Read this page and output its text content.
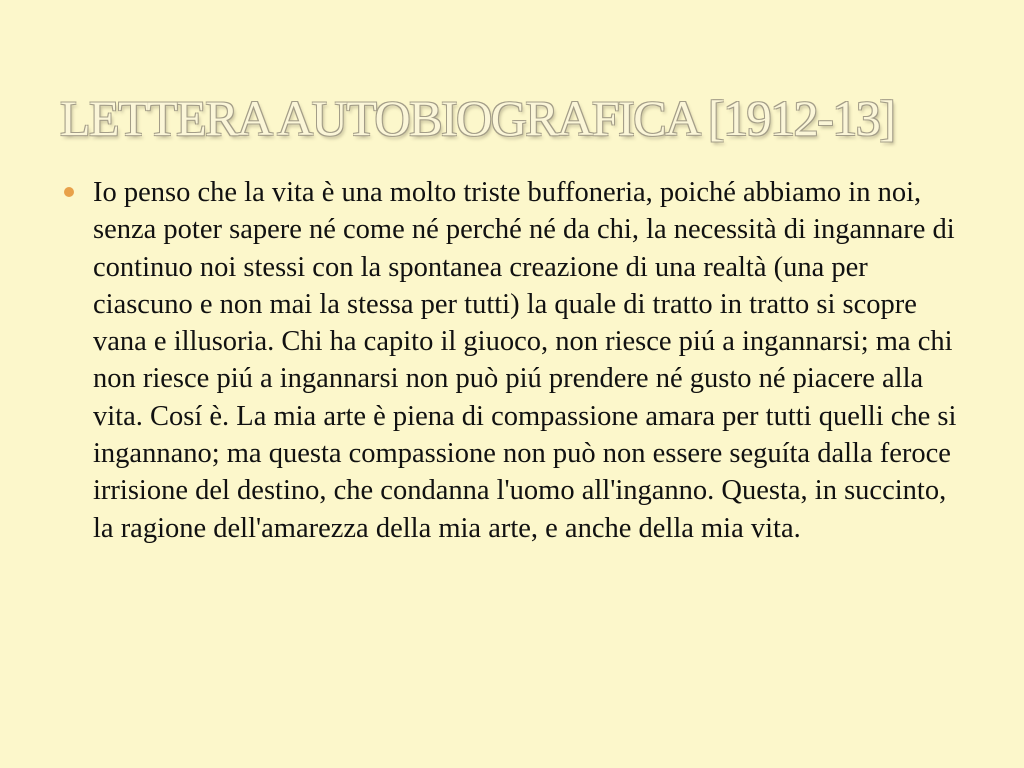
LETTERA AUTOBIOGRAFICA [1912-13]

Io penso che la vita è una molto triste buffoneria, poiché abbiamo in noi, senza poter sapere né come né perché né da chi, la necessità di ingannare di continuo noi stessi con la spontanea creazione di una realtà (una per ciascuno e non mai la stessa per tutti) la quale di tratto in tratto si scopre vana e illusoria. Chi ha capito il giuoco, non riesce piú a ingannarsi; ma chi non riesce piú a ingannarsi non può piú prendere né gusto né piacere alla vita. Cosí è. La mia arte è piena di compassione amara per tutti quelli che si ingannano; ma questa compassione non può non essere seguíta dalla feroce irrisione del destino, che condanna l'uomo all'inganno. Questa, in succinto, la ragione dell'amarezza della mia arte, e anche della mia vita.
